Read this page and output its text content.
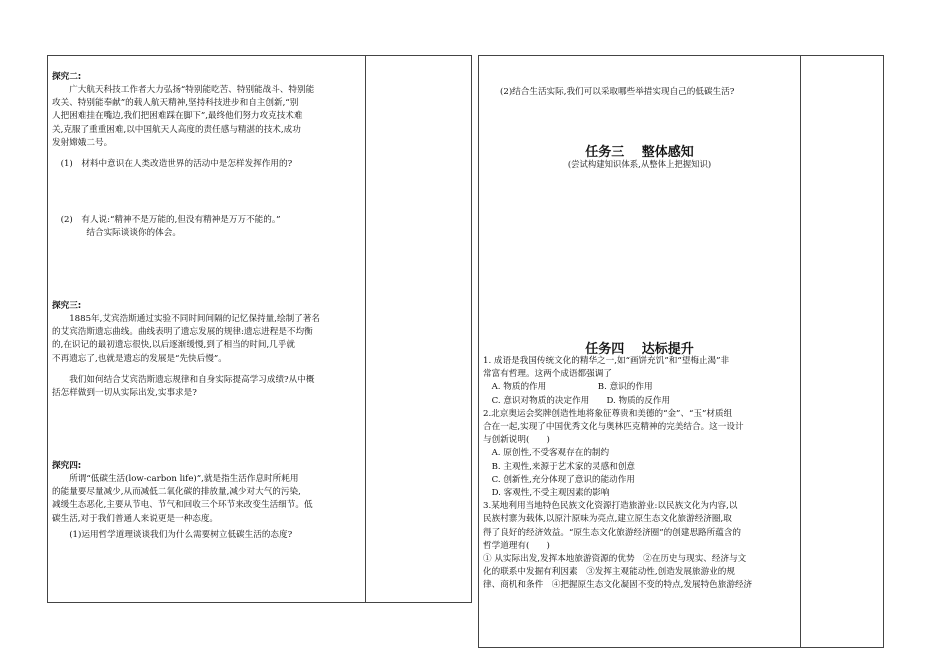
探究二:
　　广大航天科技工作者大力弘扬“特别能吃苦、特别能战斗、特别能
攻关、特别能奉献”的载人航天精神,坚持科技进步和自主创新,“别
人把困难挂在嘴边,我们把困难踩在脚下”,最终他们努力攻克技术难
关,克服了重重困难,以中国航天人高度的责任感与精湛的技术,成功
发射嫦娥二号。
　(1)　材料中意识在人类改造世界的活动中是怎样发挥作用的?
　(2)　有人说:“精神不是万能的,但没有精神是万万不能的。”
　　　　结合实际谈谈你的体会。
探究三:
　　1885年,艾宾浩斯通过实验不同时间间隔的记忆保持量,绘制了著名
的艾宾浩斯遗忘曲线。曲线表明了遗忘发展的规律:遗忘进程是不均衡
的,在识记的最初遗忘很快,以后逐渐缓慢,到了相当的时间,几乎就
不再遗忘了,也就是遗忘的发展是“先快后慢”。
　　我们如何结合艾宾浩斯遗忘规律和自身实际提高学习成绩?从中概
括怎样做到一切从实际出发,实事求是?
探究四:
　　所谓“低碳生活(low-carbon life)”,就是指生活作息时所耗用
的能量要尽量减少,从而减低二氧化碳的排放量,减少对大气的污染,
减缓生态恶化,主要从节电、节气和回收三个环节来改变生活细节。低
碳生活,对于我们普通人来说更是一种态度。
　　(1)运用哲学道理谈谈我们为什么需要树立低碳生活的态度?
(2)结合生活实际,我们可以采取哪些举措实现自己的低碳生活?
任务三　 整体感知
(尝试构建知识体系,从整体上把握知识)
任务四　 达标提升
1. 成语是我国传统文化的精华之一,如“画饼充饥”和“望梅止渴”非
常富有哲理。这两个成语都强调了
　A. 物质的作用　　　　　　B. 意识的作用
　C. 意识对物质的决定作用　　D. 物质的反作用
2.北京奥运会奖牌创造性地将象征尊贵和美德的“金”、“玉”材质组
合在一起,实现了中国优秀文化与奥林匹克精神的完美结合。这一设计
与创新说明(　　)
　A. 原创性,不受客观存在的制约
　B. 主观性,来源于艺术家的灵感和创意
　C. 创新性,充分体现了意识的能动作用
　D. 客观性,不受主观因素的影响
3.某地利用当地特色民族文化资源打造旅游业:以民族文化为内容,以
民族村寨为载体,以原汁原味为亮点,建立原生态文化旅游经济圈,取
得了良好的经济效益。“原生态文化旅游经济圈”的创建思路所蕴含的
哲学道理有(　　)
① 从实际出发,发挥本地旅游资源的优势　②在历史与现实、经济与文
化的联系中发掘有利因素　③发挥主观能动性,创造发展旅游业的规
律、商机和条件　④把握原生态文化凝固不变的特点,发展特色旅游经济
